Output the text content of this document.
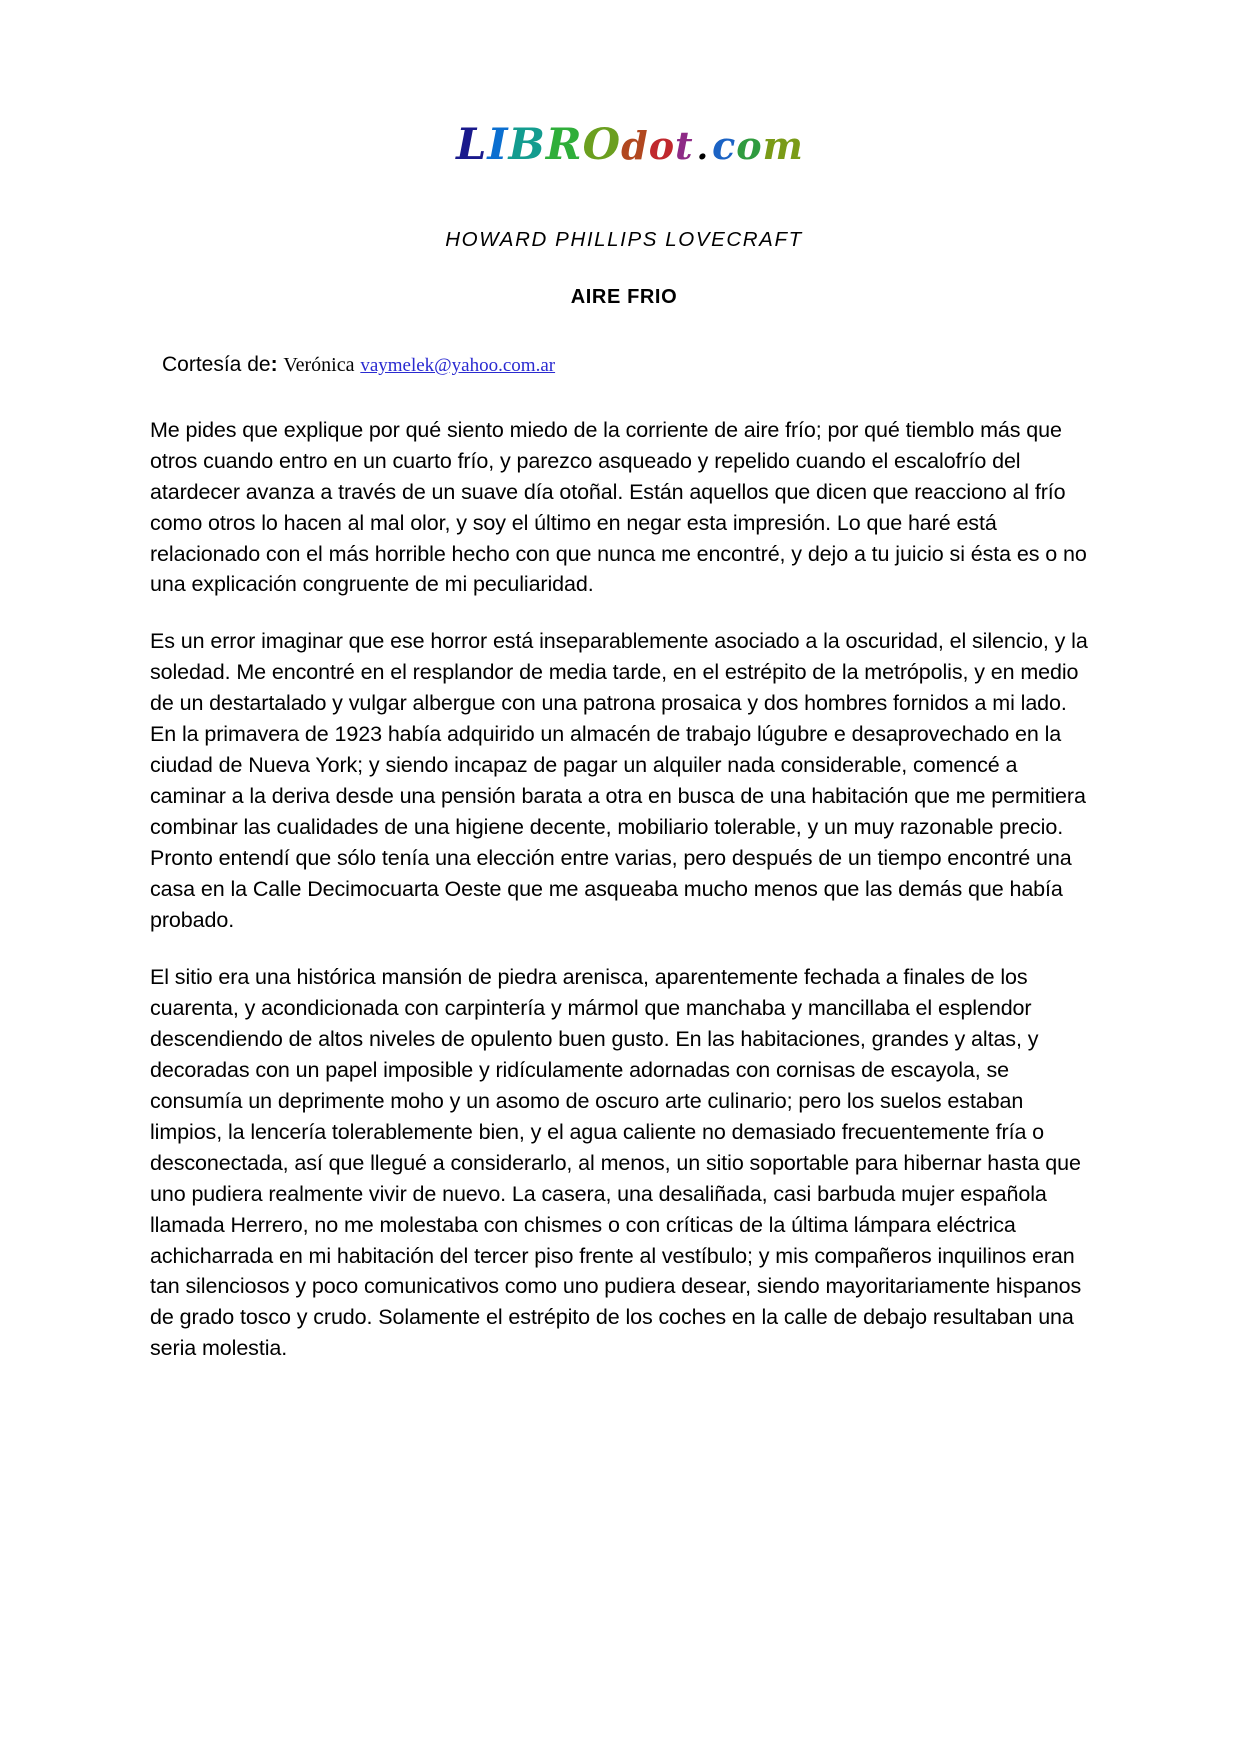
LIBROdot.com
HOWARD PHILLIPS LOVECRAFT
AIRE FRIO
Cortesía de: Verónica vaymelek@yahoo.com.ar

Me pides que explique por qué siento miedo de la corriente de aire frío; por qué tiemblo más que otros cuando entro en un cuarto frío, y parezco asqueado y repelido cuando el escalofrío del atardecer avanza a través de un suave día otoñal. Están aquellos que dicen que reacciono al frío como otros lo hacen al mal olor, y soy el último en negar esta impresión. Lo que haré está relacionado con el más horrible hecho con que nunca me encontré, y dejo a tu juicio si ésta es o no una explicación congruente de mi peculiaridad.

Es un error imaginar que ese horror está inseparablemente asociado a la oscuridad, el silencio, y la soledad. Me encontré en el resplandor de media tarde, en el estrépito de la metrópolis, y en medio de un destartalado y vulgar albergue con una patrona prosaica y dos hombres fornidos a mi lado. En la primavera de 1923 había adquirido un almacén de trabajo lúgubre e desaprovechado en la ciudad de Nueva York; y siendo incapaz de pagar un alquiler nada considerable, comencé a caminar a la deriva desde una pensión barata a otra en busca de una habitación que me permitiera combinar las cualidades de una higiene decente, mobiliario tolerable, y un muy razonable precio. Pronto entendí que sólo tenía una elección entre varias, pero después de un tiempo encontré una casa en la Calle Decimocuarta Oeste que me asqueaba mucho menos que las demás que había probado.

El sitio era una histórica mansión de piedra arenisca, aparentemente fechada a finales de los cuarenta, y acondicionada con carpintería y mármol que manchaba y mancillaba el esplendor descendiendo de altos niveles de opulento buen gusto. En las habitaciones, grandes y altas, y decoradas con un papel imposible y ridículamente adornadas con cornisas de escayola, se consumía un deprimente moho y un asomo de oscuro arte culinario; pero los suelos estaban limpios, la lencería tolerablemente bien, y el agua caliente no demasiado frecuentemente fría o desconectada, así que llegué a considerarlo, al menos, un sitio soportable para hibernar hasta que uno pudiera realmente vivir de nuevo. La casera, una desaliñada, casi barbuda mujer española llamada Herrero, no me molestaba con chismes o con críticas de la última lámpara eléctrica achicharrada en mi habitación del tercer piso frente al vestíbulo; y mis compañeros inquilinos eran tan silenciosos y poco comunicativos como uno pudiera desear, siendo mayoritariamente hispanos de grado tosco y crudo. Solamente el estrépito de los coches en la calle de debajo resultaban una seria molestia.
